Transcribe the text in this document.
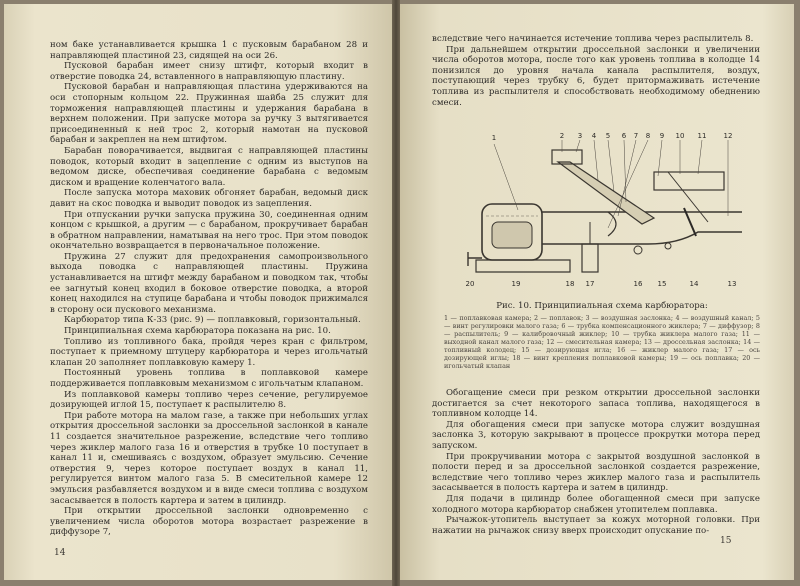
ном баке устанавливается крышка 1 с пусковым барабаном 28 и направляющей пластиной 23, сидящей на оси 26.

Пусковой барабан имеет снизу штифт, который входит в отверстие поводка 24, вставленного в направляющую пластину.

Пусковой барабан и направляющая пластина удерживаются на оси стопорным кольцом 22. Пружинная шайба 25 служит для торможения направляющей пластины и удержания барабана в верхнем положении. При запуске мотора за ручку 3 вытягивается присоединенный к ней трос 2, который намотан на пусковой барабан и закреплен на нем штифтом.

Барабан поворачивается, выдвигая с направляющей пластины поводок, который входит в зацепление с одним из выступов на ведомом диске, обеспечивая соединение барабана с ведомым диском и вращение коленчатого вала.

После запуска мотора маховик обгоняет барабан, ведомый диск давит на скос поводка и выводит поводок из зацепления.

При отпускании ручки запуска пружина 30, соединенная одним концом с крышкой, а другим — с барабаном, прокручивает барабан в обратном направлении, наматывая на него трос. При этом поводок окончательно возвращается в первоначальное положение.

Пружина 27 служит для предохранения самопроизвольного выхода поводка с направляющей пластины. Пружина устанавливается на штифт между барабаном и поводком так, чтобы ее загнутый конец входил в боковое отверстие поводка, а второй конец находился на ступице барабана и чтобы поводок прижимался в сторону оси пускового механизма.

Карбюратор типа К-33 (рис. 9) — поплавковый, горизонтальный.

Принципиальная схема карбюратора показана на рис. 10.

Топливо из топливного бака, пройдя через кран с фильтром, поступает к приемному штуцеру карбюратора и через игольчатый клапан 20 заполняет поплавковую камеру 1.

Постоянный уровень топлива в поплавковой камере поддерживается поплавковым механизмом с игольчатым клапаном.

Из поплавковой камеры топливо через сечение, регулируемое дозирующей иглой 15, поступает к распылителю 8.

При работе мотора на малом газе, а также при небольших углах открытия дроссельной заслонки за дроссельной заслонкой в канале 11 создается значительное разрежение, вследствие чего топливо через жиклер малого газа 16 и отверстия в трубке 10 поступает в канал 11 и, смешиваясь с воздухом, образует эмульсию. Сечение отверстия 9, через которое поступает воздух в канал 11, регулируется винтом малого газа 5. В смесительной камере 12 эмульсия разбавляется воздухом и в виде смеси топлива с воздухом засасывается в полость картера и затем в цилиндр.

При открытии дроссельной заслонки одновременно с увеличением числа оборотов мотора возрастает разрежение в диффузоре 7,

14

вследствие чего начинается истечение топлива через распылитель 8.

При дальнейшем открытии дроссельной заслонки и увеличении числа оборотов мотора, после того как уровень топлива в колодце 14 понизился до уровня начала канала распылителя, воздух, поступающий через трубку 6, будет притормаживать истечение топлива из распылителя и способствовать необходимому обеднению смеси.

1	2 3 4 5 6 7 8 9 10 11 12
20	19	18 17	16 15	14	13
Рис. 10. Принципиальная схема карбюратора:
1 — поплавковая камера; 2 — поплавок; 3 — воздушная заслонка; 4 — воздушный канал; 5 — винт регулировки малого газа; 6 — трубка компенсационного жиклера; 7 — диффузор; 8 — распылитель; 9 — калибровочный жиклер; 10 — трубка жиклера малого газа; 11 — выходной канал малого газа; 12 — смесительная камера; 13 — дроссельная заслонка; 14 — топливный колодец; 15 — дозирующая игла; 16 — жиклер малого газа; 17 — ось дозирующей иглы; 18 — винт крепления поплавковой камеры; 19 — ось поплавка; 20 — игольчатый клапан

Обогащение смеси при резком открытии дроссельной заслонки достигается за счет некоторого запаса топлива, находящегося в топливном колодце 14.

Для обогащения смеси при запуске мотора служит воздушная заслонка 3, которую закрывают в процессе прокрутки мотора перед запуском.

При прокручивании мотора с закрытой воздушной заслонкой в полости перед и за дроссельной заслонкой создается разрежение, вследствие чего топливо через жиклер малого газа и распылитель засасывается в полость картера и затем в цилиндр.

Для подачи в цилиндр более обогащенной смеси при запуске холодного мотора карбюратор снабжен утопителем поплавка.

Рычажок-утопитель выступает за кожух моторной головки. При нажатии на рычажок снизу вверх происходит опускание по-

15
